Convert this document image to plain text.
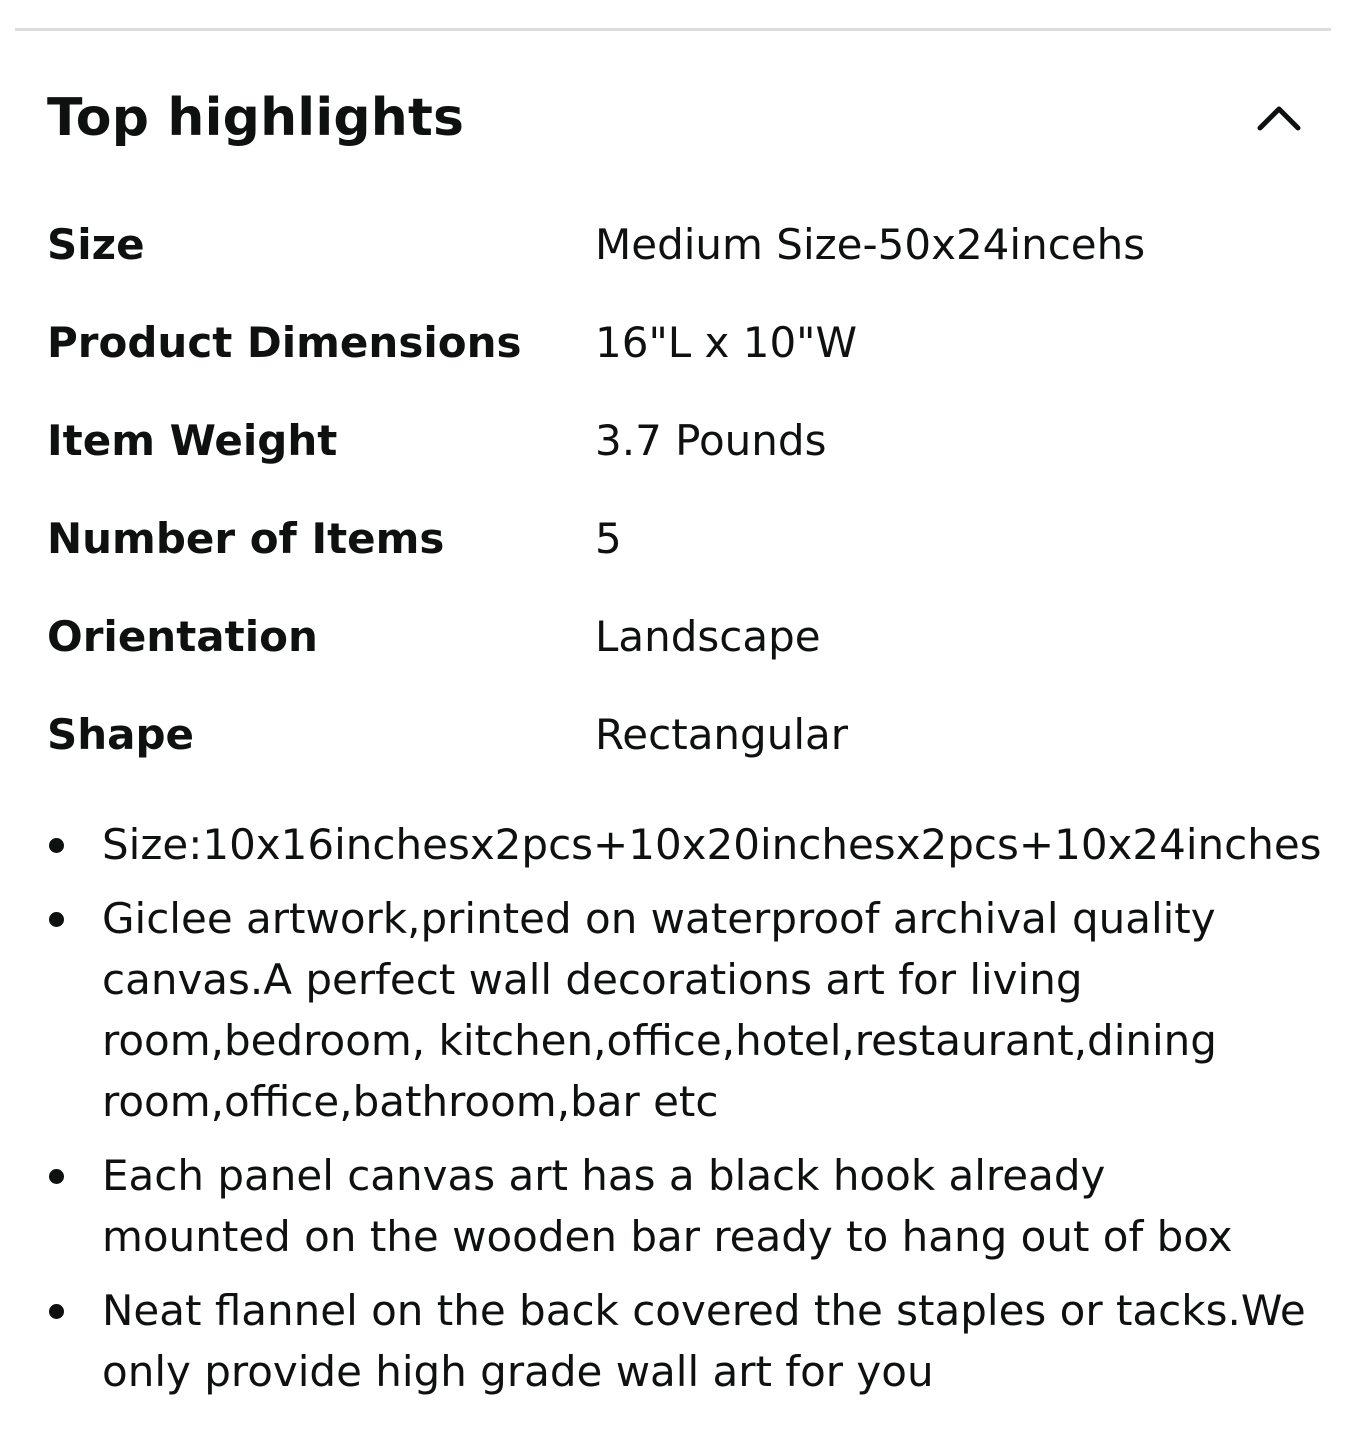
Top highlights
Size	Medium Size-50x24incehs
Product Dimensions 16"L x 10"W
Item Weight	3.7 Pounds
Number of Items	5
Orientation	Landscape
Shape	Rectangular
Size:10x16inchesx2pcs+10x20inchesx2pcs+10x24inches
Giclee artwork,printed on waterproof archival quality canvas.A perfect wall decorations art for living room,bedroom, kitchen,office,hotel,restaurant,dining room,office,bathroom,bar etc
Each panel canvas art has a black hook already mounted on the wooden bar ready to hang out of box
Neat flannel on the back covered the staples or tacks.We only provide high grade wall art for you
